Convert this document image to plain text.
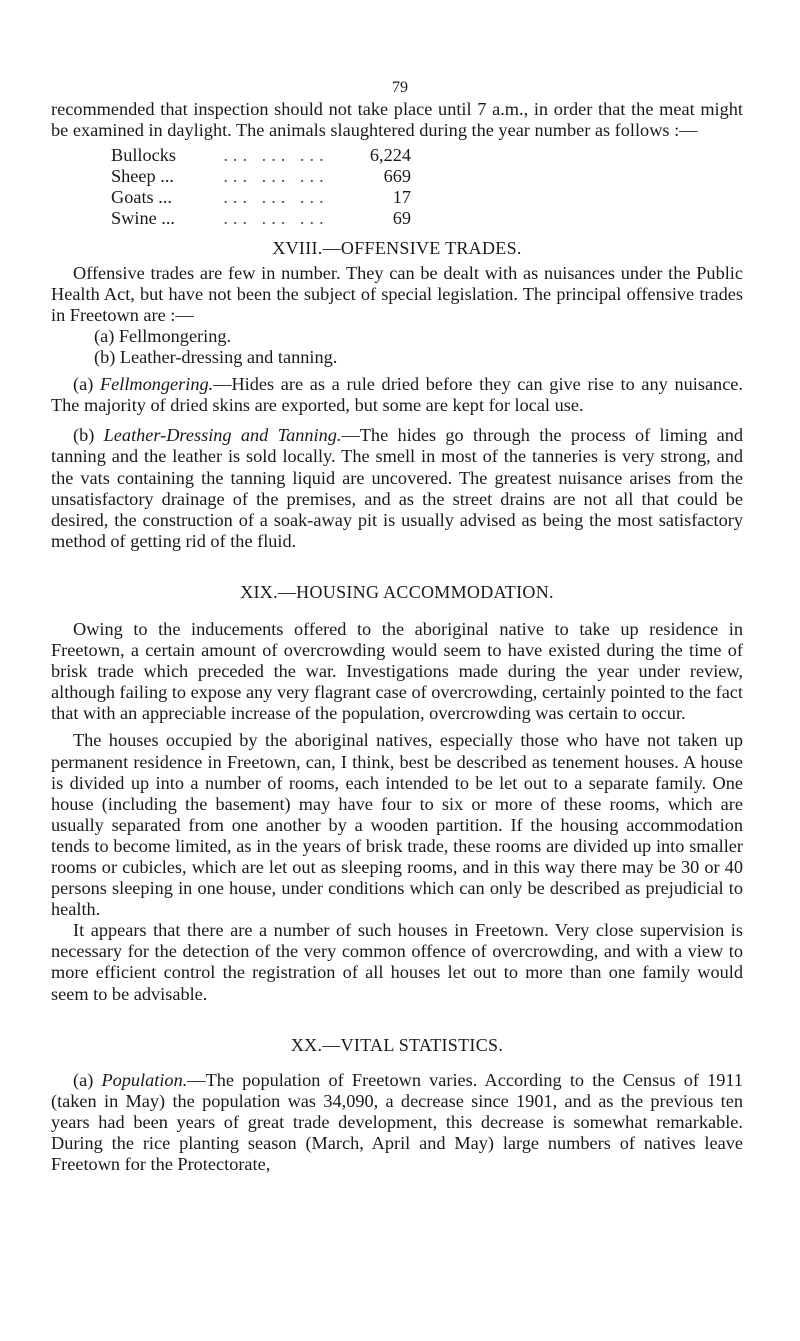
79

recommended that inspection should not take place until 7 a.m., in order that the meat might be examined in daylight. The animals slaughtered during the year number as follows :—

Bullocks	... ... ...	6,224
Sheep ...	... ... ...	669
Goats ...	... ... ...	17
Swine ...	... ... ...	69
XVIII.—OFFENSIVE TRADES.

Offensive trades are few in number. They can be dealt with as nuisances under the Public Health Act, but have not been the subject of special legislation. The principal offensive trades in Freetown are :—

(a) Fellmongering.
(b) Leather-dressing and tanning.

(a) Fellmongering.—Hides are as a rule dried before they can give rise to any nuisance. The majority of dried skins are exported, but some are kept for local use.

(b) Leather-Dressing and Tanning.—The hides go through the process of liming and tanning and the leather is sold locally. The smell in most of the tanneries is very strong, and the vats containing the tanning liquid are uncovered. The greatest nuisance arises from the unsatisfactory drainage of the premises, and as the street drains are not all that could be desired, the construction of a soak-away pit is usually advised as being the most satisfactory method of getting rid of the fluid.

XIX.—HOUSING ACCOMMODATION.

Owing to the inducements offered to the aboriginal native to take up residence in Freetown, a certain amount of overcrowding would seem to have existed during the time of brisk trade which preceded the war. Investigations made during the year under review, although failing to expose any very flagrant case of overcrowding, certainly pointed to the fact that with an appreciable increase of the population, overcrowding was certain to occur.

The houses occupied by the aboriginal natives, especially those who have not taken up permanent residence in Freetown, can, I think, best be described as tenement houses. A house is divided up into a number of rooms, each intended to be let out to a separate family. One house (including the basement) may have four to six or more of these rooms, which are usually separated from one another by a wooden partition. If the housing accommodation tends to become limited, as in the years of brisk trade, these rooms are divided up into smaller rooms or cubicles, which are let out as sleeping rooms, and in this way there may be 30 or 40 persons sleeping in one house, under conditions which can only be described as prejudicial to health.

It appears that there are a number of such houses in Freetown. Very close supervision is necessary for the detection of the very common offence of overcrowding, and with a view to more efficient control the registration of all houses let out to more than one family would seem to be advisable.

XX.—VITAL STATISTICS.

(a) Population.—The population of Freetown varies. According to the Census of 1911 (taken in May) the population was 34,090, a decrease since 1901, and as the previous ten years had been years of great trade development, this decrease is somewhat remarkable. During the rice planting season (March, April and May) large numbers of natives leave Freetown for the Protectorate,
